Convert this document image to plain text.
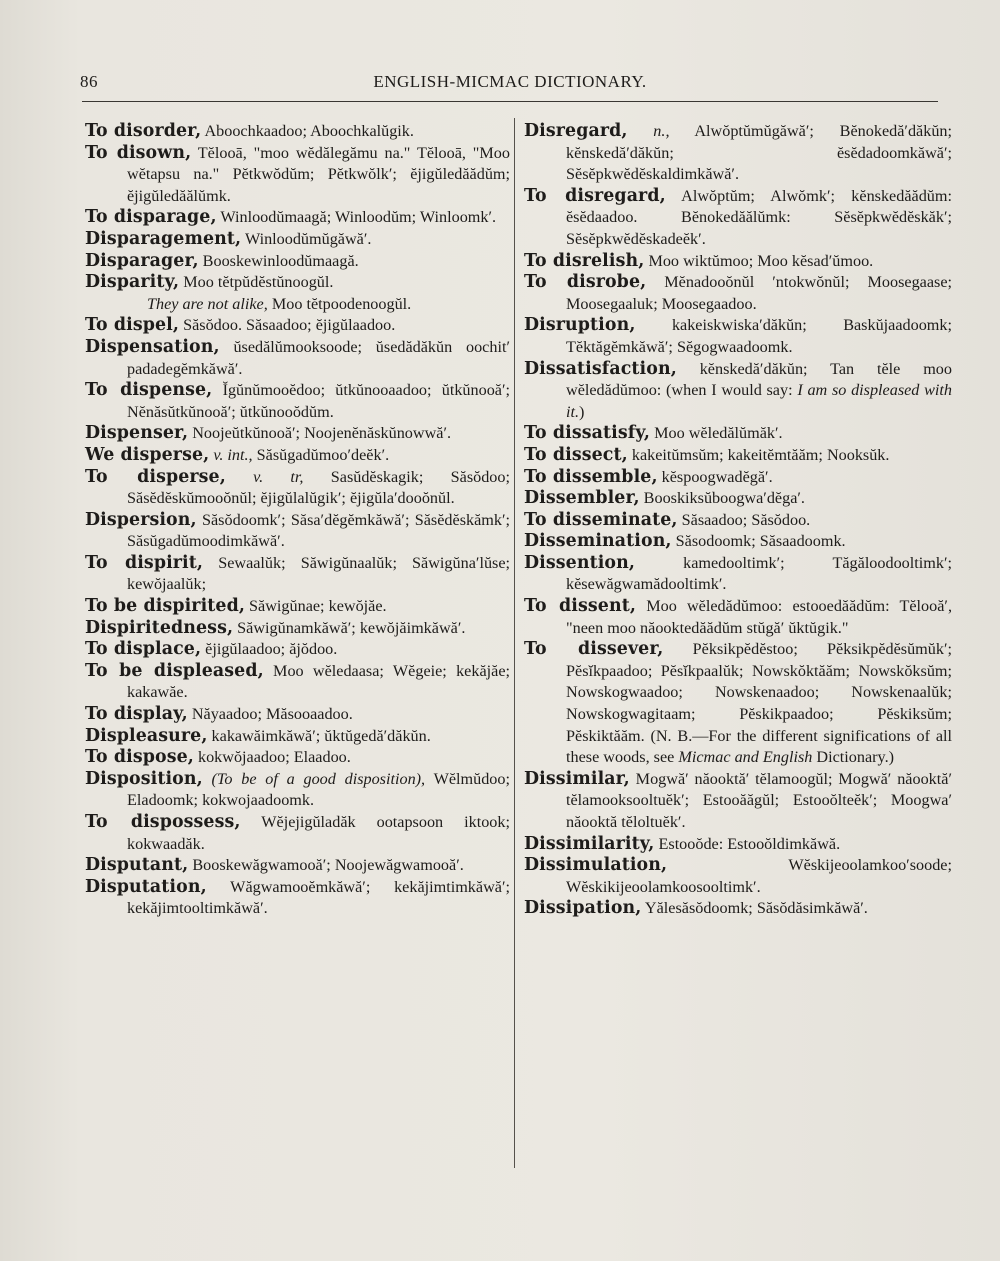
86	ENGLISH-MICMAC DICTIONARY.

To disorder, Aboochkaadoo; Aboochkalŭgik.

To disown, Tĕlooā, "moo wĕdălegămu na." Tĕlooā, "Moo wĕtapsu na." Pĕtkwŏdŭm; Pĕtkwŏlk′; ĕjigŭledăădŭm; ĕjigŭledăălŭmk.

To disparage, Winloodŭmaagă; Winloodŭm; Winloomk′.

Disparagement, Winloodŭmŭgăwă′.

Disparager, Booskewinloodŭmaagă.

Disparity, Moo tĕtpŭdĕstŭnoogŭl.
They are not alike, Moo tĕtpoodenoogŭl.

To dispel, Săsŏdoo. Săsaadoo; ĕjigŭlaadoo.

Dispensation, ŭsedălŭmooksoode; ŭsedădăkŭn oochit′ padadegĕmkăwă′.

To dispense, Ĭgŭnŭmooĕdoo; ŭtkŭnooaadoo; ŭtkŭnooă′; Nĕnăsŭtkŭnooă′; ŭtkŭnooŏdŭm.

Dispenser, Noojeŭtkŭnooă′; Noojenĕnăskŭnowwă′.

We disperse, v. int., Săsŭgadŭmoo′deĕk′.

To disperse, v. tr, Sasŭdĕskagik; Săsŏdoo; Săsĕdĕskŭmooŏnŭl; ĕjigŭlalŭgik′; ĕjigŭla′dooŏnŭl.

Dispersion, Săsŏdoomk′; Săsa′dĕgĕmkăwă′; Săsĕdĕskămk′; Săsŭgadŭmoodimkăwă′.

To dispirit, Sewaalŭk; Săwigŭnaalŭk; Săwigŭna′lŭse; kewŏjaalŭk;

To be dispirited, Săwigŭnae; kewŏjăe.

Dispiritedness, Săwigŭnamkăwă′; kewŏjăimkăwă′.

To displace, ĕjigŭlaadoo; ăjŏdoo.

To be displeased, Moo wĕledaasa; Wĕgeie; kekăjăe; kakawăe.

To display, Năyaadoo; Măsooaadoo.

Displeasure, kakawăimkăwă′; ŭktŭgedă′dăkŭn.

To dispose, kokwŏjaadoo; Elaadoo.

Disposition, (To be of a good disposition), Wĕlmŭdoo; Eladoomk; kokwojaadoomk.

To dispossess, Wĕjejigŭladăk ootapsoon iktook; kokwaadăk.

Disputant, Booskewăgwamooă′; Noojewăgwamooă′.

Disputation, Wăgwamooĕmkăwă′; kekăjimtimkăwă′; kekăjimtooltimkăwă′.

Disregard, n., Alwŏptŭmŭgăwă′; Bĕnokedă′dăkŭn; kĕnskedă′dăkŭn; ĕsĕdadoomkăwă′; Sĕsĕpkwĕdĕskaldimkăwă′.

To disregard, Alwŏptŭm; Alwŏmk′; kĕnskedăădŭm: ĕsĕdaadoo. Bĕnokedăălŭmk: Sĕsĕpkwĕdĕskăk′; Sĕsĕpkwĕdĕskadeĕk′.

To disrelish, Moo wiktŭmoo; Moo kĕsad′ŭmoo.

To disrobe, Mĕnadooŏnŭl ′ntokwŏnŭl; Moosegaase; Moosegaaluk; Moosegaadoo.

Disruption, kakeiskwiska′dăkŭn; Baskŭjaadoomk; Tĕktăgĕmkăwă′; Sĕgogwaadoomk.

Dissatisfaction, kĕnskedă′dăkŭn; Tan tĕle moo wĕledădŭmoo: (when I would say: I am so displeased with it.)

To dissatisfy, Moo wĕledălŭmăk′.

To dissect, kakeitŭmsŭm; kakeitĕmtăăm; Nooksŭk.

To dissemble, kĕspoogwadĕgă′.

Dissembler, Booskiksŭboogwa′dĕga′.

To disseminate, Săsaadoo; Săsŏdoo.

Dissemination, Săsodoomk; Săsaadoomk.

Dissention,	kamedooltimk′; Tăgăloodooltimk′; kĕsewăgwamădooltimk′.

To dissent, Moo wĕledădŭmoo: estooedăădŭm: Tĕlooă′, "neen moo năooktedăădŭm stŭgă′ ŭktŭgik."

To dissever, Pĕksikpĕdĕstoo; Pĕksikpĕdĕsŭmŭk′; Pĕsĭkpaadoo; Pĕsĭkpaalŭk; Nowskŏktăăm; Nowskŏksŭm; Nowskogwaadoo; Nowskenaadoo; Nowskenaalŭk; Nowskogwagitaam; Pĕskikpaadoo; Pĕskiksŭm; Pĕskiktăăm. (N. B.—For the different significations of all these woods, see Micmac and English Dictionary.)

Dissimilar, Mogwă′ năooktă′ tĕlamoogŭl; Mogwă′ năooktă′ tĕlamooksooltuĕk′; Estooăăgŭl; Estooŏlteĕk′; Moogwa′ năooktă tĕloltuĕk′.

Dissimilarity, Estooŏde: Estooŏldimkăwă.

Dissimulation,	Wĕskijeoolamkoo′soode; Wĕskikijeoolamkoosooltimk′.

Dissipation, Yălesăsŏdoomk; Săsŏdăsimkăwă′.
